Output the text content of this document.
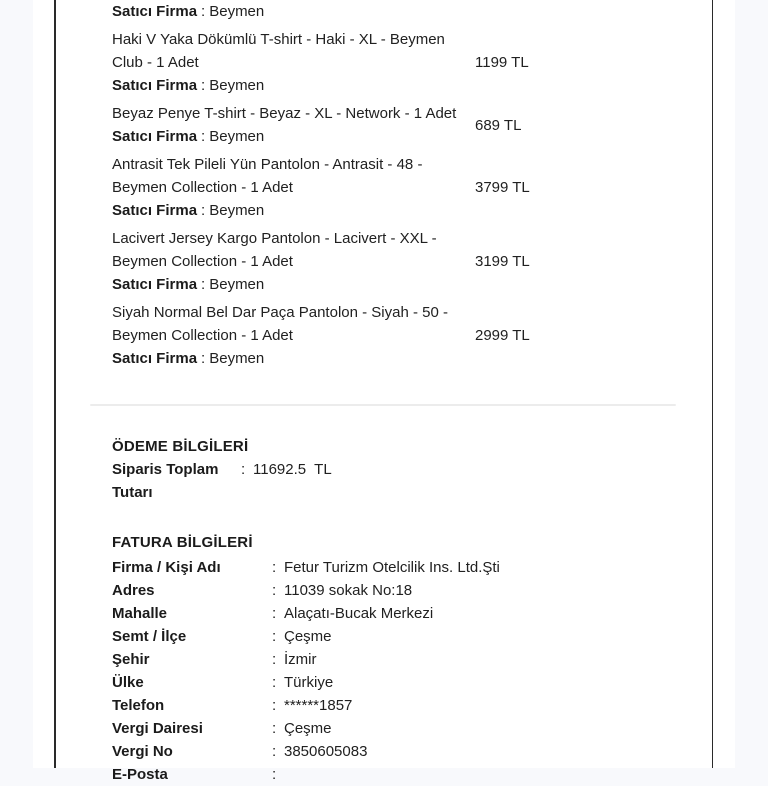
Satıcı Firma : Beymen
Haki V Yaka Dökümlü T-shirt - Haki - XL - Beymen Club - 1 Adet
Satıcı Firma : Beymen
1199 TL
Beyaz Penye T-shirt - Beyaz - XL - Network - 1 Adet
Satıcı Firma : Beymen
689 TL
Antrasit Tek Pileli Yün Pantolon - Antrasit - 48 - Beymen Collection - 1 Adet
Satıcı Firma : Beymen
3799 TL
Lacivert Jersey Kargo Pantolon - Lacivert - XXL - Beymen Collection - 1 Adet
Satıcı Firma : Beymen
3199 TL
Siyah Normal Bel Dar Paça Pantolon - Siyah - 50 - Beymen Collection - 1 Adet
Satıcı Firma : Beymen
2999 TL
ÖDEME BİLGİLERİ
Siparis Toplam Tutarı
: 11692.5  TL
FATURA BİLGİLERİ
Firma / Kişi Adı	: Fetur Turizm Otelcilik Ins. Ltd.Şti
Adres	: 11039 sokak No:18
Mahalle	: Alaçatı-Bucak Merkezi
Semt / İlçe	: Çeşme
Şehir	: İzmir
Ülke	: Türkiye
Telefon	: ******1857
Vergi Dairesi	: Çeşme
Vergi No	: 3850605083
E-Posta	:
